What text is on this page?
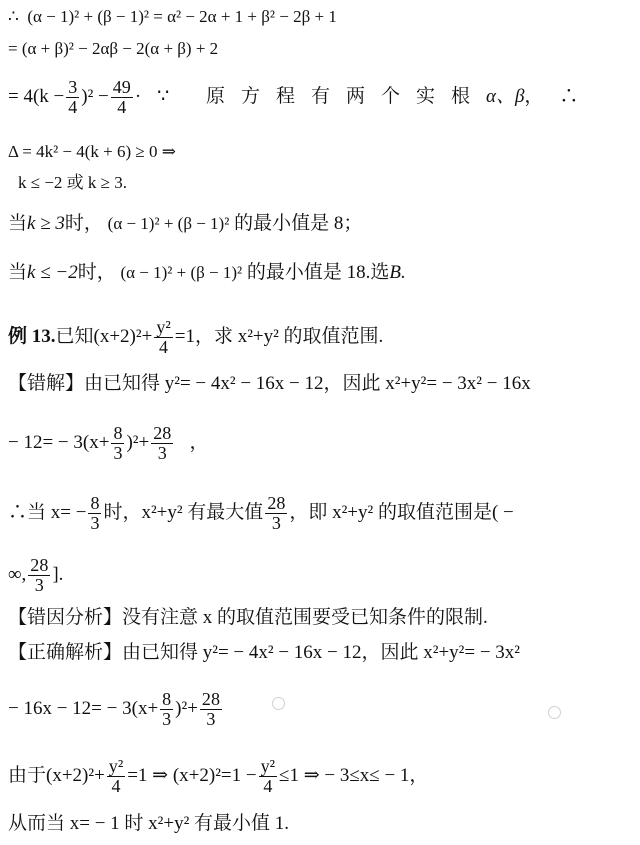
∴ (α − 1)² + (β − 1)² = α² − 2α + 1 + β² − 2β + 1
= (α + β)² − 2αβ − 2(α + β) + 2
= $4(k - \frac{3}{4} )^2 - \frac{49}{4}$ ·∵ 原方程有两个实根α、β，∴
Δ = 4k² − 4(k + 6) ≥ 0 ⇒
k ≤ −2 或 k ≥ 3.
当k ≥ 3时， (α − 1)² + (β − 1)² 的最小值是 8；
当k ≤ −2时， (α − 1)² + (β − 1)² 的最小值是 18.选B.
例 13.已知$(x+2)^2+ \frac{\text{y²}}{4} =1$，求 x²+y² 的取值范围.
【错解】由已知得 y²= − 4x² − 16x − 12，因此 x²+y²= − 3x² − 16x
− $12= - 3(x+ \frac{8}{3} )^2+ \frac{28}{3}$ ，
∴当 $x= - \frac{8}{3}$ 时，x²+y² 有最大值 $\frac{28}{3}$ ，即 x²+y² 的取值范围是( −
∞, $\frac{28}{3}$ ].
【错因分析】没有注意 x 的取值范围要受已知条件的限制.
【正确解析】由已知得 y²= − 4x² − 16x − 12，因此 x²+y²= − 3x²
− $16x - 12= - 3(x+ \frac{8}{3} )^2+ \frac{28}{3}$
由于$(x+2)^2+ \frac{\text{y²}}{4} =1$ ⇒ $(x+2)^2=1 - \frac{\text{y²}}{4} \le 1$ ⇒ − 3≤x≤ − 1，
从而当 x= − 1 时 x²+y² 有最小值 1.
